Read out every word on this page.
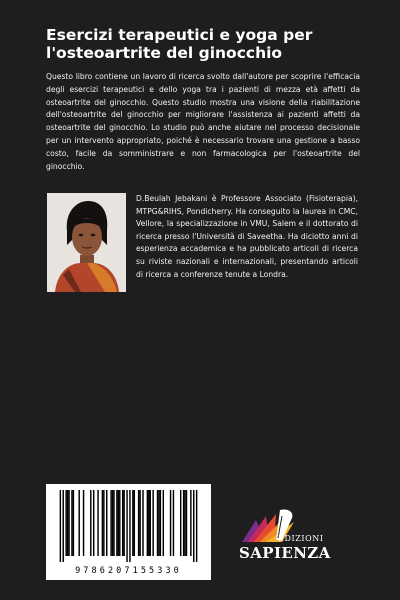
Esercizi terapeutici e yoga per l'osteoartrite del ginocchio

Questo libro contiene un lavoro di ricerca svolto dall'autore per scoprire l'efficacia degli esercizi terapeutici e dello yoga tra i pazienti di mezza età affetti da osteoartrite del ginocchio. Questo studio mostra una visione della riabilitazione dell'osteoartrite del ginocchio per migliorare l'assistenza ai pazienti affetti da osteoartrite del ginocchio. Lo studio può anche aiutare nel processo decisionale per un intervento appropriato, poiché è necessario trovare una gestione a basso costo, facile da somministrare e non farmacologica per l'osteoartrite del ginocchio.

D.Beulah Jebakani è Professore Associato (Fisioterapia), MTPG&RIHS, Pondicherry. Ha conseguito la laurea in CMC, Vellore, la specializzazione in VMU, Salem e il dottorato di ricerca presso l'Università di Saveetha. Ha diciotto anni di esperienza accademica e ha pubblicato articoli di ricerca su riviste nazionali e internazionali, presentando articoli di ricerca a conferenze tenute a Londra.

9786207155330
EDIZIONI
SAPIENZA
